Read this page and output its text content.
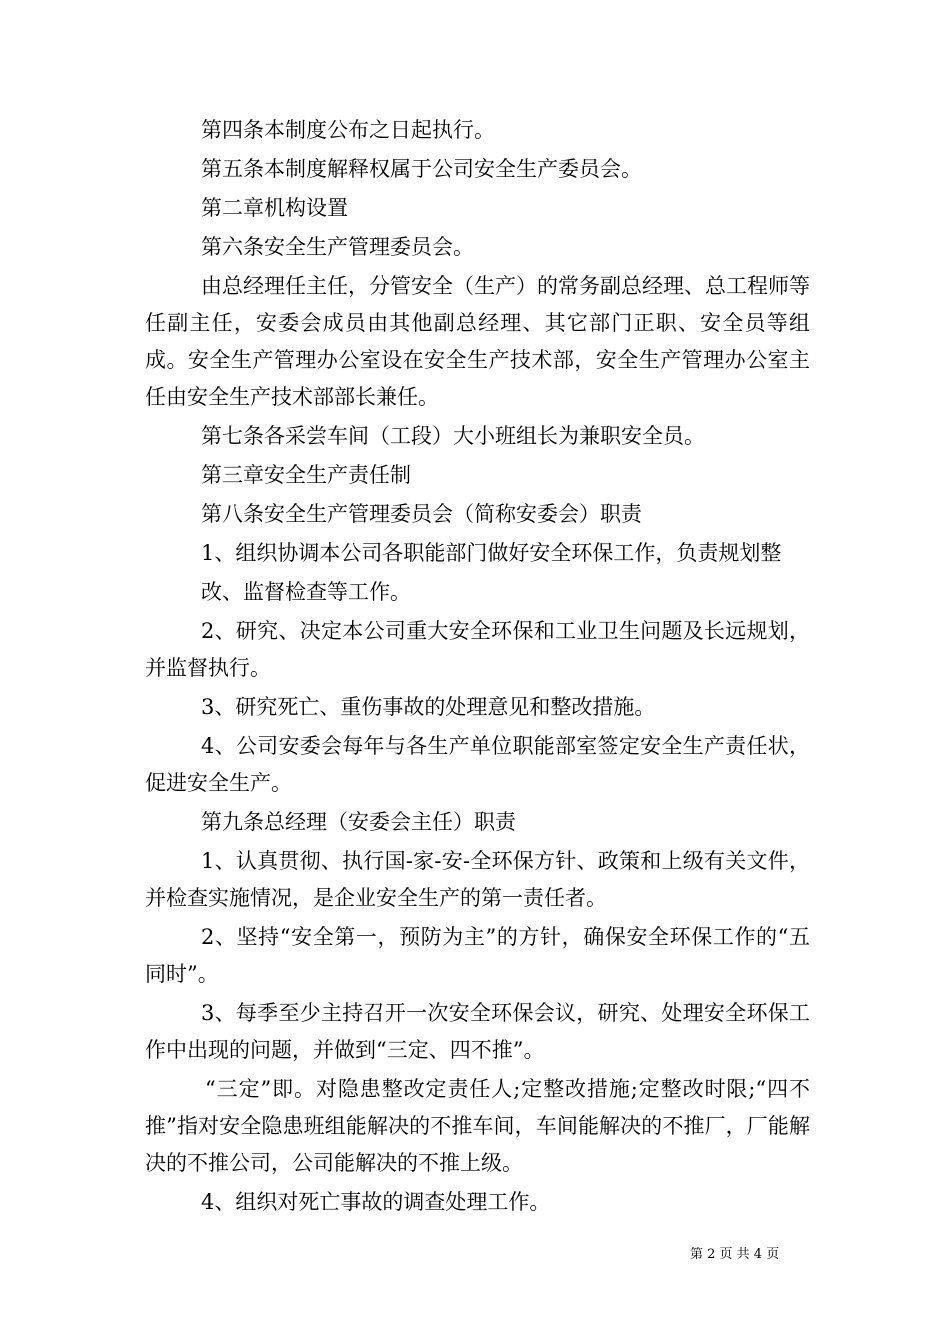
第四条本制度公布之日起执行。

第五条本制度解释权属于公司安全生产委员会。

第二章机构设置

第六条安全生产管理委员会。

由总经理任主任，分管安全（生产）的常务副总经理、总工程师等任副主任，安委会成员由其他副总经理、其它部门正职、安全员等组成。安全生产管理办公室设在安全生产技术部，安全生产管理办公室主任由安全生产技术部部长兼任。

第七条各采尝车间（工段）大小班组长为兼职安全员。

第三章安全生产责任制

第八条安全生产管理委员会（简称安委会）职责

1、组织协调本公司各职能部门做好安全环保工作，负责规划整

改、监督检查等工作。

2、研究、决定本公司重大安全环保和工业卫生问题及长远规划，并监督执行。

3、研究死亡、重伤事故的处理意见和整改措施。

4、公司安委会每年与各生产单位职能部室签定安全生产责任状，促进安全生产。

第九条总经理（安委会主任）职责

1、认真贯彻、执行国-家-安-全环保方针、政策和上级有关文件，并检查实施情况，是企业安全生产的第一责任者。

2、坚持“安全第一，预防为主”的方针，确保安全环保工作的“五同时”。

3、每季至少主持召开一次安全环保会议，研究、处理安全环保工作中出现的问题，并做到“三定、四不推”。

“三定”即。对隐患整改定责任人;定整改措施;定整改时限;“四不推”指对安全隐患班组能解决的不推车间，车间能解决的不推厂，厂能解决的不推公司，公司能解决的不推上级。

4、组织对死亡事故的调查处理工作。

第 2 页 共 4 页
